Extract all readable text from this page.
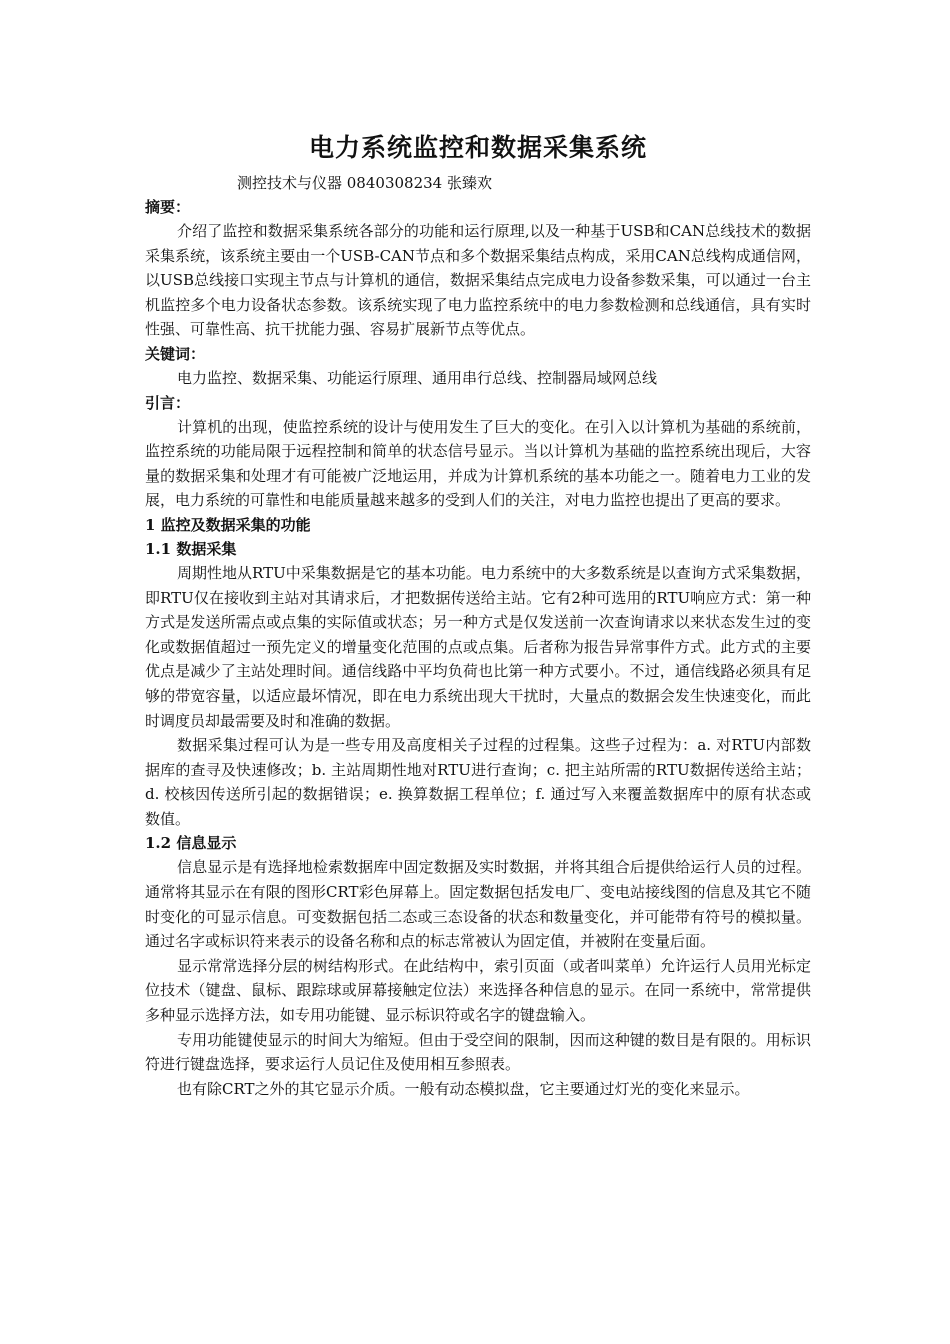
电力系统监控和数据采集系统
测控技术与仪器 0840308234 张臻欢
摘要：

介绍了监控和数据采集系统各部分的功能和运行原理,以及一种基于USB和CAN总线技术的数据采集系统，该系统主要由一个USB-CAN节点和多个数据采集结点构成，采用CAN总线构成通信网，以USB总线接口实现主节点与计算机的通信，数据采集结点完成电力设备参数采集，可以通过一台主机监控多个电力设备状态参数。该系统实现了电力监控系统中的电力参数检测和总线通信，具有实时性强、可靠性高、抗干扰能力强、容易扩展新节点等优点。

关键词：

电力监控、数据采集、功能运行原理、通用串行总线、控制器局域网总线

引言：

计算机的出现，使监控系统的设计与使用发生了巨大的变化。在引入以计算机为基础的系统前，监控系统的功能局限于远程控制和简单的状态信号显示。当以计算机为基础的监控系统出现后，大容量的数据采集和处理才有可能被广泛地运用，并成为计算机系统的基本功能之一。随着电力工业的发展，电力系统的可靠性和电能质量越来越多的受到人们的关注，对电力监控也提出了更高的要求。

1 监控及数据采集的功能
1.1 数据采集

周期性地从RTU中采集数据是它的基本功能。电力系统中的大多数系统是以查询方式采集数据，即RTU仅在接收到主站对其请求后，才把数据传送给主站。它有2种可选用的RTU响应方式：第一种方式是发送所需点或点集的实际值或状态；另一种方式是仅发送前一次查询请求以来状态发生过的变化或数据值超过一预先定义的增量变化范围的点或点集。后者称为报告异常事件方式。此方式的主要优点是减少了主站处理时间。通信线路中平均负荷也比第一种方式要小。不过，通信线路必须具有足够的带宽容量，以适应最坏情况，即在电力系统出现大干扰时，大量点的数据会发生快速变化，而此时调度员却最需要及时和准确的数据。

数据采集过程可认为是一些专用及高度相关子过程的过程集。这些子过程为：a. 对RTU内部数据库的查寻及快速修改；b. 主站周期性地对RTU进行查询；c. 把主站所需的RTU数据传送给主站；d. 校核因传送所引起的数据错误；e. 换算数据工程单位；f. 通过写入来覆盖数据库中的原有状态或数值。

1.2 信息显示

信息显示是有选择地检索数据库中固定数据及实时数据，并将其组合后提供给运行人员的过程。通常将其显示在有限的图形CRT彩色屏幕上。固定数据包括发电厂、变电站接线图的信息及其它不随时变化的可显示信息。可变数据包括二态或三态设备的状态和数量变化，并可能带有符号的模拟量。通过名字或标识符来表示的设备名称和点的标志常被认为固定值，并被附在变量后面。

显示常常选择分层的树结构形式。在此结构中，索引页面（或者叫菜单）允许运行人员用光标定位技术（键盘、鼠标、跟踪球或屏幕接触定位法）来选择各种信息的显示。在同一系统中，常常提供多种显示选择方法，如专用功能键、显示标识符或名字的键盘输入。

专用功能键使显示的时间大为缩短。但由于受空间的限制，因而这种键的数目是有限的。用标识符进行键盘选择，要求运行人员记住及使用相互参照表。

也有除CRT之外的其它显示介质。一般有动态模拟盘，它主要通过灯光的变化来显示。
